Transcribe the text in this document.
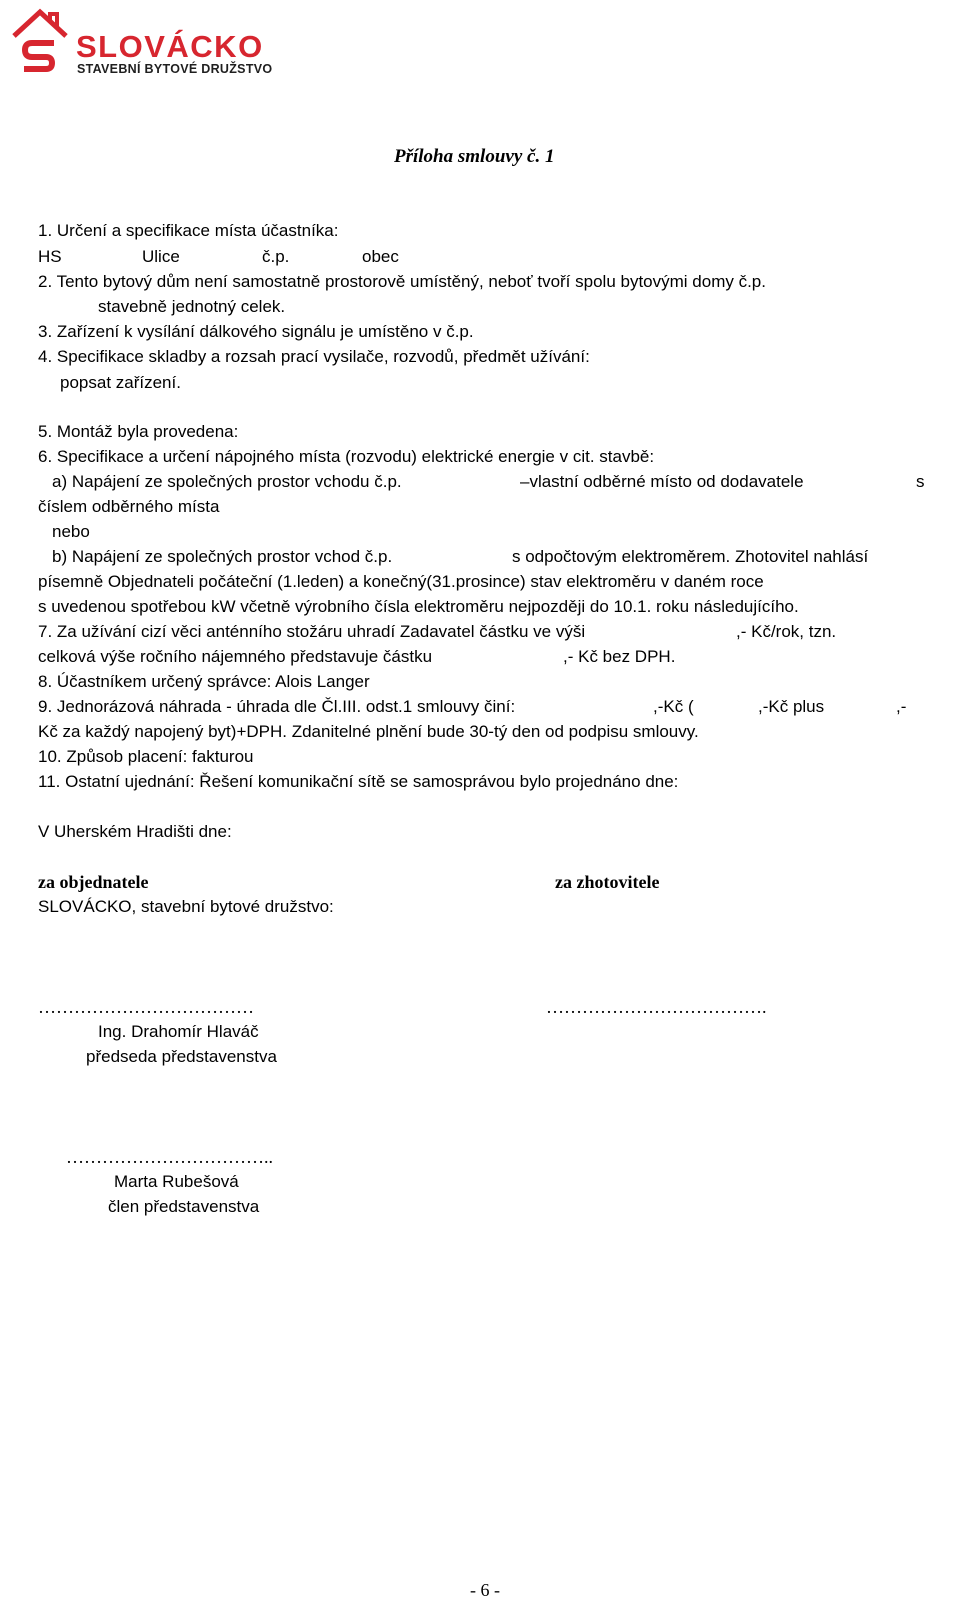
SLOVÁCKO
STAVEBNÍ BYTOVÉ DRUŽSTVO
Příloha smlouvy č. 1
1. Určení a specifikace místa účastníka:
HS	Ulice	č.p.	obec
2. Tento bytový dům není samostatně prostorově umístěný, neboť tvoří spolu bytovými domy č.p.
stavebně jednotný celek.
3. Zařízení k vysílání dálkového signálu je umístěno v č.p.
4. Specifikace skladby a rozsah prací vysilače, rozvodů, předmět užívání:
popsat zařízení.
5. Montáž byla provedena:
6. Specifikace a určení nápojného místa (rozvodu) elektrické energie v cit. stavbě:
a) Napájení ze společných prostor vchodu č.p.	–vlastní odběrné místo od dodavatele	s
číslem odběrného místa
nebo
b) Napájení ze společných prostor vchod č.p.	s odpočtovým elektroměrem. Zhotovitel nahlásí
písemně Objednateli počáteční (1.leden) a konečný(31.prosince) stav elektroměru v daném roce
s uvedenou spotřebou kW včetně výrobního čísla elektroměru nejpozději do 10.1. roku následujícího.
7. Za užívání cizí věci anténního stožáru uhradí Zadavatel částku ve výši	,- Kč/rok, tzn.
celková výše ročního nájemného představuje částku	,- Kč bez DPH.
8. Účastníkem určený správce: Alois Langer
9. Jednorázová náhrada - úhrada dle Čl.III. odst.1 smlouvy činí:	,-Kč (	,-Kč plus	,-
Kč za každý napojený byt)+DPH. Zdanitelné plnění bude 30-tý den od podpisu smlouvy.
10. Způsob placení: fakturou
11. Ostatní ujednání: Řešení komunikační sítě se samosprávou bylo projednáno dne:
V Uherském Hradišti dne:
za objednatele	za zhotovitele
SLOVÁCKO, stavební bytové družstvo:
………………………………	……………………………….
Ing. Drahomír Hlaváč
předseda představenstva
……………………………..
Marta Rubešová
člen představenstva
- 6 -
